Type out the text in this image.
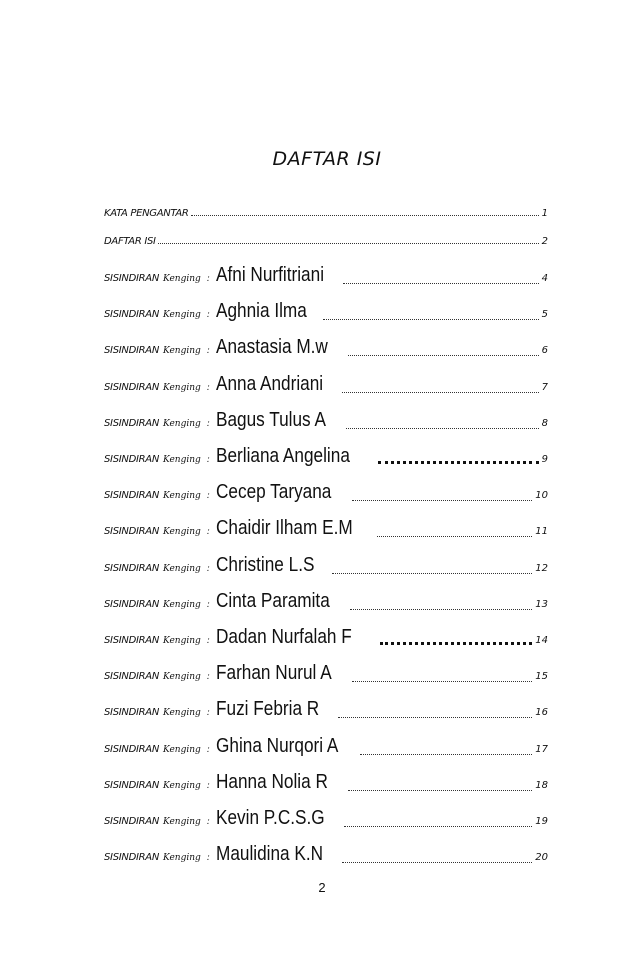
DAFTAR ISI
KATA PENGANTAR	1
DAFTAR ISI	2
SISINDIRAN Kenging : Afni Nurfitriani	4
SISINDIRAN Kenging : Aghnia Ilma	5
SISINDIRAN Kenging : Anastasia M.w	6
SISINDIRAN Kenging : Anna Andriani	7
SISINDIRAN Kenging : Bagus Tulus A	8
SISINDIRAN Kenging : Berliana Angelina	9
SISINDIRAN Kenging : Cecep Taryana	10
SISINDIRAN Kenging : Chaidir Ilham E.M	11
SISINDIRAN Kenging : Christine L.S	12
SISINDIRAN Kenging : Cinta Paramita	13
SISINDIRAN Kenging : Dadan Nurfalah F	14
SISINDIRAN Kenging : Farhan Nurul A	15
SISINDIRAN Kenging : Fuzi Febria R	16
SISINDIRAN Kenging : Ghina Nurqori A	17
SISINDIRAN Kenging : Hanna Nolia R	18
SISINDIRAN Kenging : Kevin P.C.S.G	19
SISINDIRAN Kenging : Maulidina K.N	20
2
